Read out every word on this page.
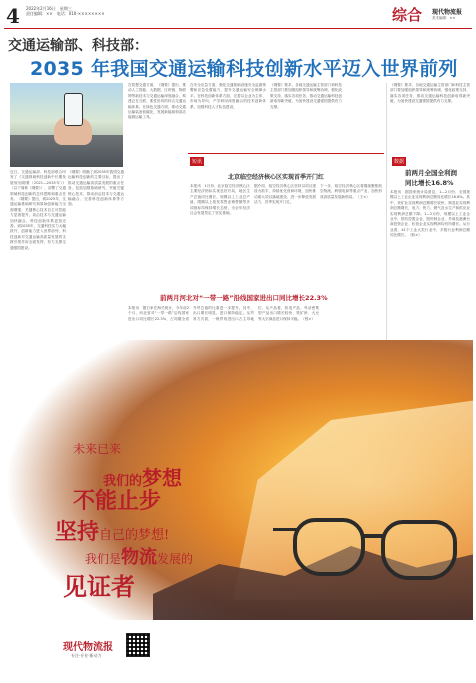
4 2022年2月16日　星期三
责任编辑：××　电话：010-××××××××	综合 现代物流报
美术编辑：××
交通运输部、科技部：
2035 年我国交通运输科技创新水平迈入世界前列
近日，交通运输部、科技部联合印发了《交通领域科技创新中长期发展规划纲要（2021—2035年）》（以下简称《纲要》），部署了交通领域科技创新的总体思路和重点任务。《纲要》提出，到2025年，交通运输基础研究和原始创新能力全面增强，关键核心技术自主可控能力显著提升，前沿技术与交通运输加快融合，科技创新体系更加完善。到2035年，交通科技实力大幅跃升，创新能力进入世界前列，科技创新对交通运输高质量发展的支撑引领作用全面发挥，有力支撑交通强国建设。
《纲要》明确了到2035年我国交通运输科技创新的主要目标，提出了推动交通运输高质量发展的重点任务，包括加强基础研究、突破关键核心技术、推动前沿技术与交通运输融合、完善科技创新体系等方面。
在智慧交通方面，《纲要》提出，推动人工智能、大数据、区块链、物联网等新技术与交通运输深度融合，构建泛在互联、柔性协同的综合交通运输体系。在绿色交通方面，推动交通运输装备低碳化，发展新能源和清洁能源运输工具。
在安全应急方面，强化交通基础设施安全监测预警和应急处置能力，提升交通运输安全保障水平。在科技创新体系方面，完善以企业为主体、市场为导向、产学研用深度融合的技术创新体系，加强科技人才队伍建设。
《纲要》要求，各地交通运输主管部门和科技主管部门要加强组织领导和统筹协调，强化政策支持，落实各项任务，推动交通运输科技创新取得新突破，为加快建设交通强国提供有力支撑。
短讯
北京临空经济核心区实现首季开门红
本报讯　1月份，北京临空经济核心区主要经济指标实现良好开局，地区生产总值同比增长，规模以上工业总产值、限额以上批发零售业销售额等多项指标均保持增长态势，为全年经济社会发展奠定了坚实基础。
据介绍，临空经济核心区坚持以项目建设为抓手，持续优化营商环境，加快推动重大项目落地建设，进一步释放发展活力，首季实现开门红。
下一步，临空经济核心区将继续聚焦航空物流、跨境电商等重点产业，加快形成高质量发展新格局。（王×）
前两月河北对“一带一路”沿线国家进出口同比增长22.3%
本报讯　据石家庄海关统计，今年前2个月，河北省对“一带一路”沿线国家进出口同比增长22.3%，占同期全省外贸总值的比重进一步提升。其中，出口增长明显，进口保持稳定。从贸易方式看，一般贸易进出口占主导地位；从产品看，机电产品、劳动密集型产品出口增长较快，铁矿砂、大豆等大宗商品进口保持平稳。（程×）
《纲要》要求，各地交通运输主管部门和科技主管部门要加强组织领导和统筹协调，强化政策支持，落实各项任务，推动交通运输科技创新取得新突破，为加快建设交通强国提供有力支撑。
数据
前两月全国全利润
同比增长16.8%
本报讯　据国家统计局消息，1—2月份，全国规模以上工业企业实现利润总额同比增长16.8%。其中，采矿业实现利润总额增长较快，制造业实现利润总额增长，电力、热力、燃气及水生产和供应业实现利润总额下降。1—2月份，规模以上工业企业中，国有控股企业、股份制企业、外商及港澳台商投资企业、私营企业实现利润均有所增长。从行业看，41个工业大类行业中，多数行业利润总额同比增长。（薛×）
未来已来
我们的梦想
不能止步
坚持自己的梦想!
我们是物流发展的
见证者
现代物流报
专注·专业·新动力
